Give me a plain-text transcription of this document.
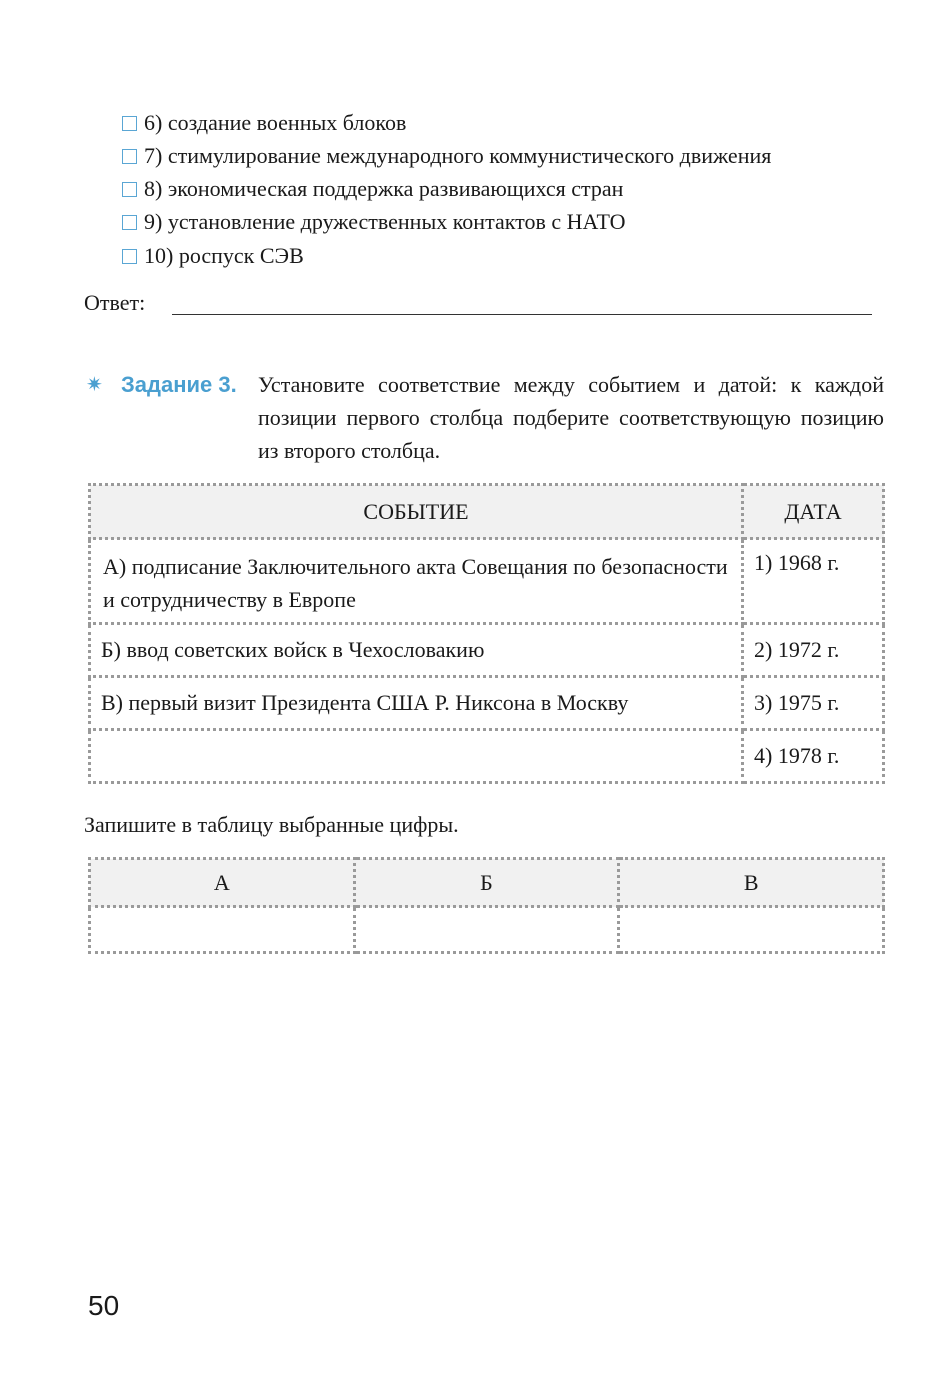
6) создание военных блоков
7) стимулирование международного коммунистического движения
8) экономическая поддержка развивающихся стран
9) установление дружественных контактов с НАТО
10) роспуск СЭВ
Ответ:
✷ Задание 3. Установите соответствие между событием и датой: к каждой позиции первого столбца подберите соответствующую позицию из второго столбца.
СОБЫТИЕ	ДАТА
А) подписание Заключительного акта Совещания по безопасности и сотрудничеству в Европе	1) 1968 г.
Б) ввод советских войск в Чехословакию	2) 1972 г.
В) первый визит Президента США Р. Никсона в Москву	3) 1975 г.
	4) 1978 г.
Запишите в таблицу выбранные цифры.
А	Б	В

50
